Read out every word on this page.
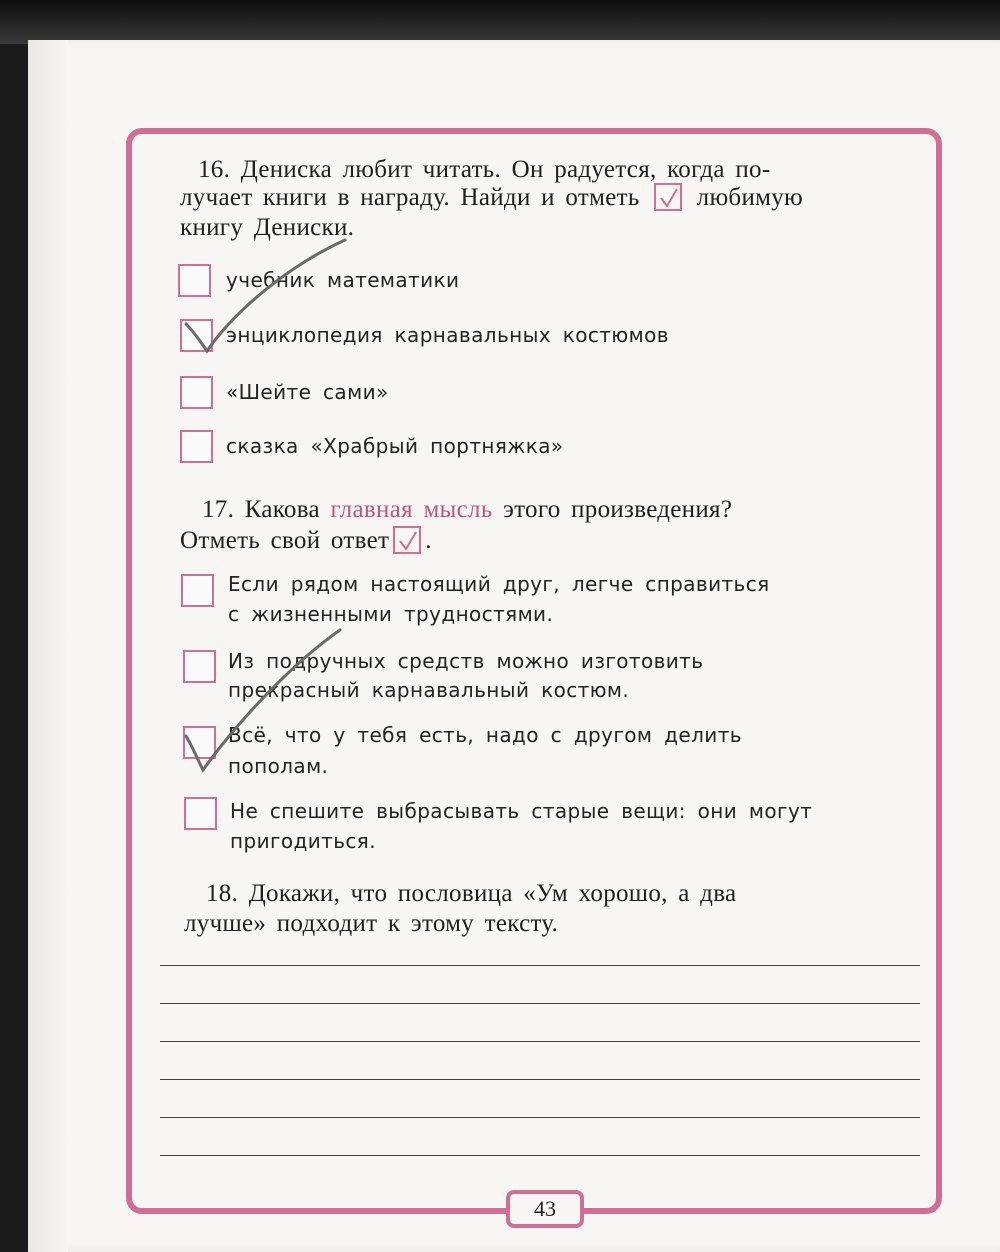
16. Дениска любит читать. Он радуется, когда по-
лучает книги в награду. Найди и отметь любимую
книгу Дениски.
учебник математики
энциклопедия карнавальных костюмов
«Шейте сами»
сказка «Храбрый портняжка»
17. Какова главная мысль этого произведения?
Отметь свой ответ .
Если рядом настоящий друг, легче справиться
с жизненными трудностями.
Из подручных средств можно изготовить
прекрасный карнавальный костюм.
Всё, что у тебя есть, надо с другом делить
пополам.
Не спешите выбрасывать старые вещи: они могут
пригодиться.
18. Докажи, что пословица «Ум хорошо, а два
лучше» подходит к этому тексту.
43
